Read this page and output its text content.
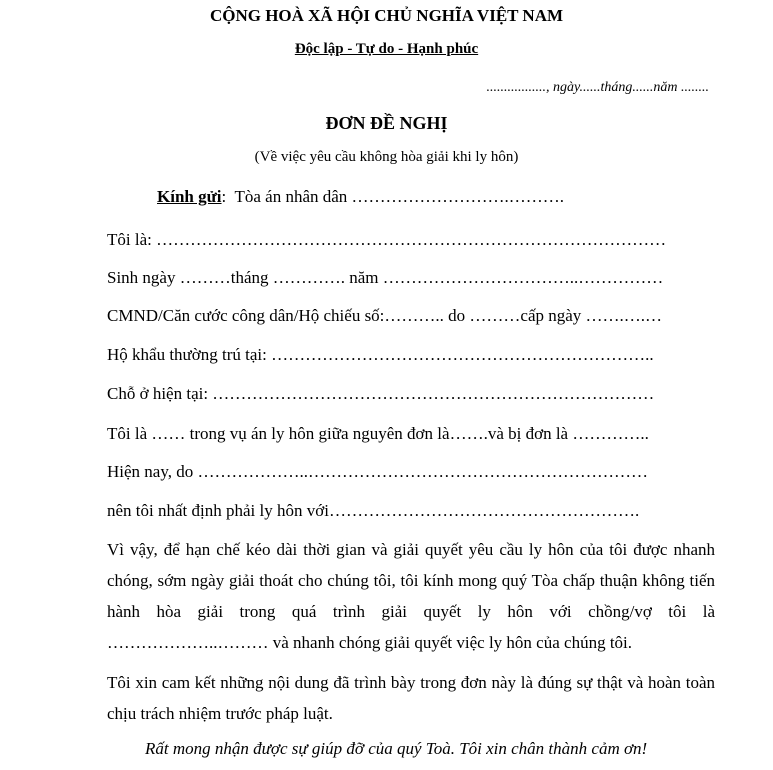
CỘNG HOÀ XÃ HỘI CHỦ NGHĨA VIỆT NAM
Độc lập - Tự do - Hạnh phúc
................., ngày......tháng......năm ........
ĐƠN ĐỀ NGHỊ
(Về việc yêu cầu không hòa giải khi ly hôn)
Kính gửi: Tòa án nhân dân ……………………….……….
Tôi là: ………………………………………………………………………………
Sinh ngày ………tháng …………. năm ……………………………..……………
CMND/Căn cước công dân/Hộ chiếu số:……….. do ………cấp ngày …….….…
Hộ khẩu thường trú tại: …………………………………………………………..
Chỗ ở hiện tại: ……………………………………………………………………
Tôi là …… trong vụ án ly hôn giữa nguyên đơn là…….và bị đơn là …………..
Hiện nay, do ………………..……………………………………………………
nên tôi nhất định phải ly hôn với……………………………………………….
Vì vậy, để hạn chế kéo dài thời gian và giải quyết yêu cầu ly hôn của tôi được nhanh chóng, sớm ngày giải thoát cho chúng tôi, tôi kính mong quý Tòa chấp thuận không tiến hành hòa giải trong quá trình giải quyết ly hôn với chồng/vợ tôi là ………………..……… và nhanh chóng giải quyết việc ly hôn của chúng tôi.
Tôi xin cam kết những nội dung đã trình bày trong đơn này là đúng sự thật và hoàn toàn chịu trách nhiệm trước pháp luật.
Rất mong nhận được sự giúp đỡ của quý Toà. Tôi xin chân thành cảm ơn!
